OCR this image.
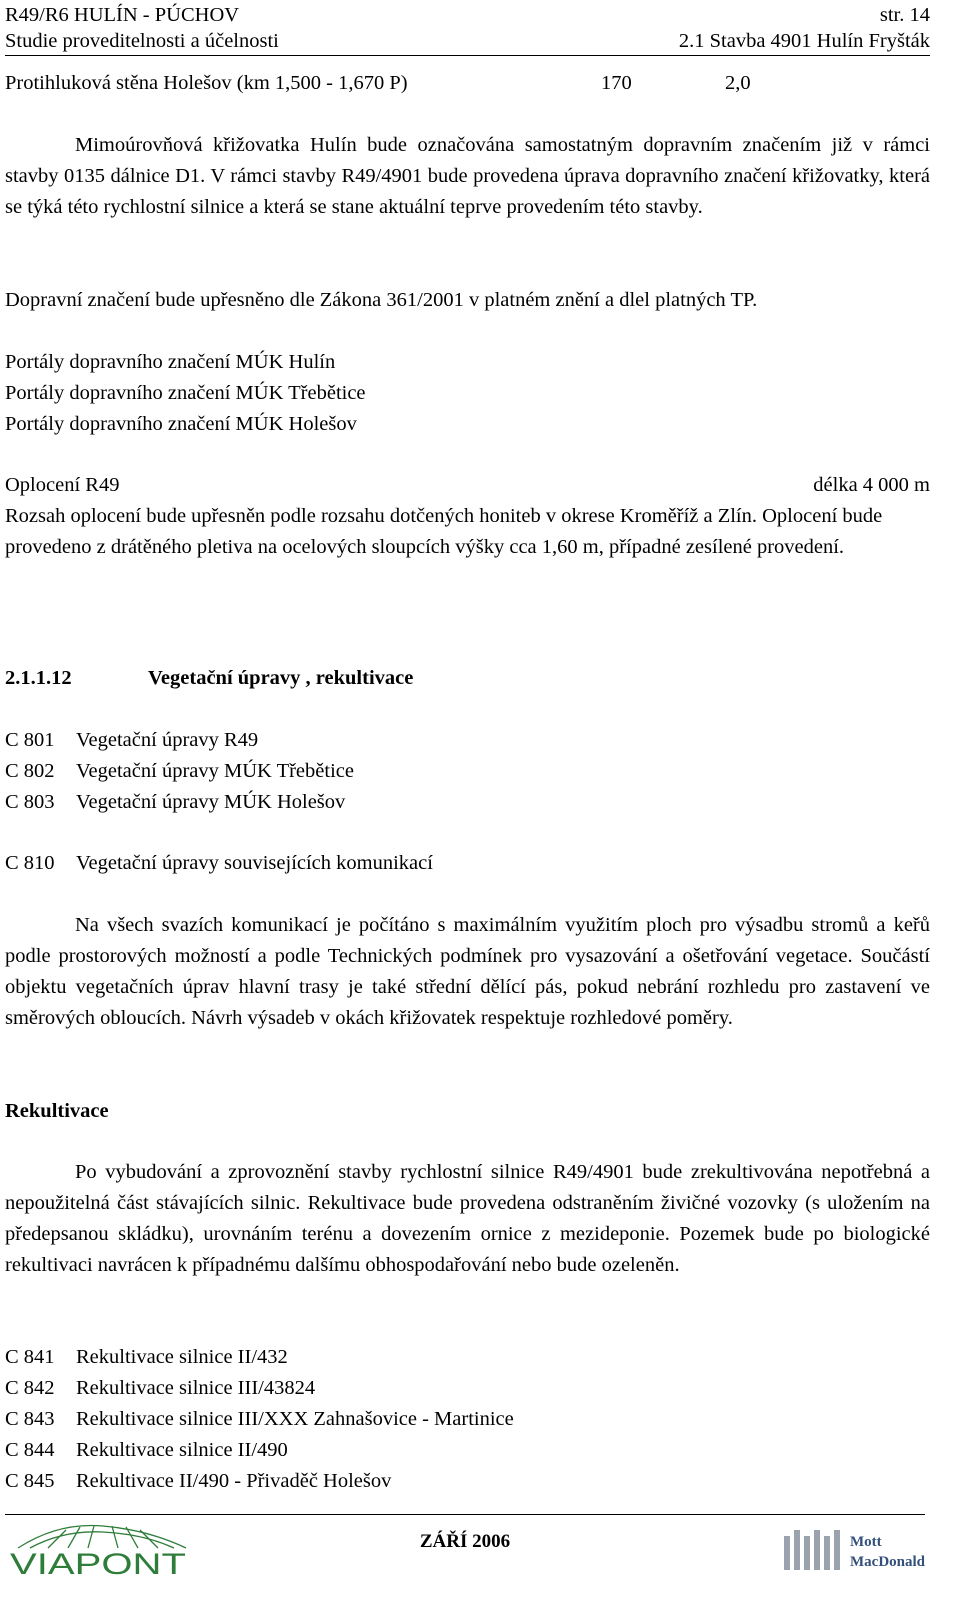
R49/R6 HULÍN - PÚCHOV	str. 14
Studie proveditelnosti a účelnosti	2.1 Stavba 4901 Hulín Fryšták
Protihluková stěna Holešov (km 1,500 - 1,670 P)	170	2,0
Mimoúrovňová křižovatka Hulín bude označována samostatným dopravním značením již v rámci stavby 0135 dálnice D1. V rámci stavby R49/4901 bude provedena úprava dopravního značení křižovatky, která se týká této rychlostní silnice a která se stane aktuální teprve provedením této stavby.
Dopravní značení bude upřesněno dle Zákona 361/2001 v platném znění a dlel platných TP.
Portály dopravního značení MÚK Hulín
Portály dopravního značení MÚK Třebětice
Portály dopravního značení MÚK Holešov
Oplocení R49	délka 4 000 m
Rozsah oplocení bude upřesněn podle rozsahu dotčených honiteb v okrese Kroměříž a Zlín. Oplocení bude provedeno z drátěného pletiva na ocelových sloupcích výšky cca 1,60 m, případné zesílené provedení.
2.1.1.12	Vegetační úpravy , rekultivace
C 801	Vegetační úpravy R49
C 802	Vegetační úpravy MÚK Třebětice
C 803	Vegetační úpravy MÚK Holešov
C 810	Vegetační úpravy souvisejících komunikací
Na všech svazích komunikací je počítáno s maximálním využitím ploch pro výsadbu stromů a keřů podle prostorových možností a podle Technických podmínek pro vysazování a ošetřování vegetace. Součástí objektu vegetačních úprav hlavní trasy je také střední dělící pás, pokud nebrání rozhledu pro zastavení ve směrových obloucích. Návrh výsadeb v okách křižovatek respektuje rozhledové poměry.
Rekultivace
Po vybudování a zprovoznění stavby rychlostní silnice R49/4901 bude zrekultivována nepotřebná a nepoužitelná část stávajících silnic. Rekultivace bude provedena odstraněním živičné vozovky (s uložením na předepsanou skládku), urovnáním terénu a dovezením ornice z mezideponie. Pozemek bude po biologické rekultivaci navrácen k případnému dalšímu obhospodařování nebo bude ozeleněn.
C 841	Rekultivace silnice II/432
C 842	Rekultivace silnice III/43824
C 843	Rekultivace silnice III/XXX Zahnašovice - Martinice
C 844	Rekultivace silnice II/490
C 845	Rekultivace II/490 - Přivaděč Holešov
VIAPONT
ZÁŘÍ 2006	Mott
MacDonald
